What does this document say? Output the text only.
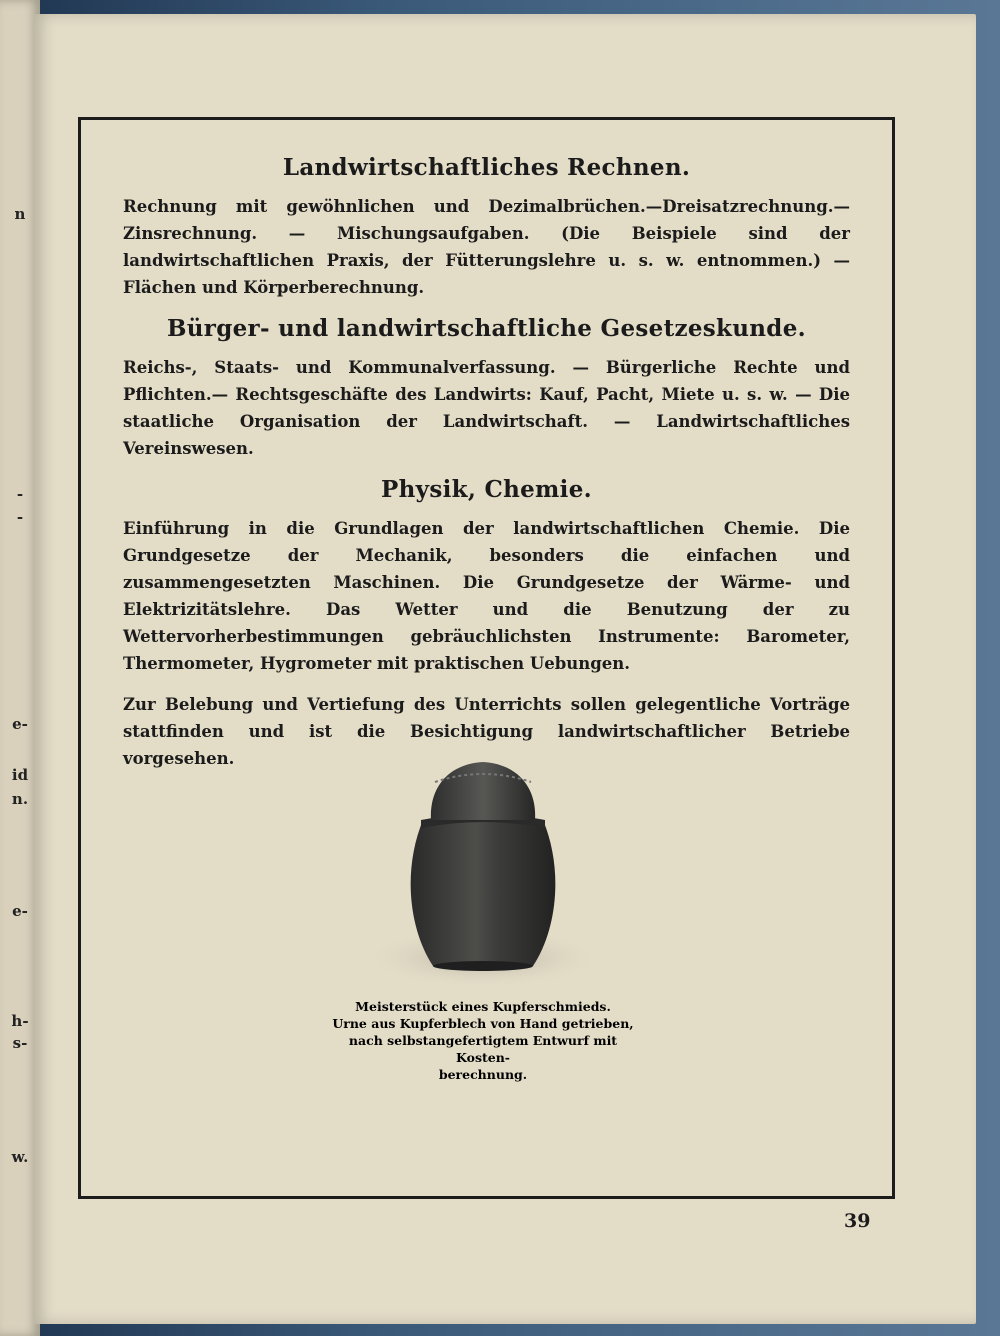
n
-
-
e-
id
n.
e-
h-
s-
w.
Landwirtschaftliches Rechnen.

Rechnung mit gewöhnlichen und Dezimalbrüchen.—Dreisatzrechnung.—Zinsrechnung. — Mischungsaufgaben. (Die Beispiele sind der landwirtschaftlichen Praxis, der Fütterungslehre u. s. w. entnommen.) — Flächen und Körperberechnung.

Bürger- und landwirtschaftliche Gesetzeskunde.

Reichs-, Staats- und Kommunalverfassung. — Bürgerliche Rechte und Pflichten.— Rechtsgeschäfte des Landwirts: Kauf, Pacht, Miete u. s. w. — Die staatliche Organisation der Landwirtschaft. — Landwirtschaftliches Vereinswesen.

Physik, Chemie.

Einführung in die Grundlagen der landwirtschaftlichen Chemie. Die Grundgesetze der Mechanik, besonders die einfachen und zusammengesetzten Maschinen. Die Grundgesetze der Wärme- und Elektrizitätslehre. Das Wetter und die Benutzung der zu Wettervorherbestimmungen gebräuchlichsten Instrumente: Barometer, Thermometer, Hygrometer mit praktischen Uebungen.

Zur Belebung und Vertiefung des Unterrichts sollen gelegentliche Vorträge stattfinden und ist die Besichtigung landwirtschaftlicher Betriebe vorgesehen.

Meisterstück eines Kupferschmieds.
Urne aus Kupferblech von Hand getrieben,
nach selbstangefertigtem Entwurf mit Kosten-
berechnung.
39
